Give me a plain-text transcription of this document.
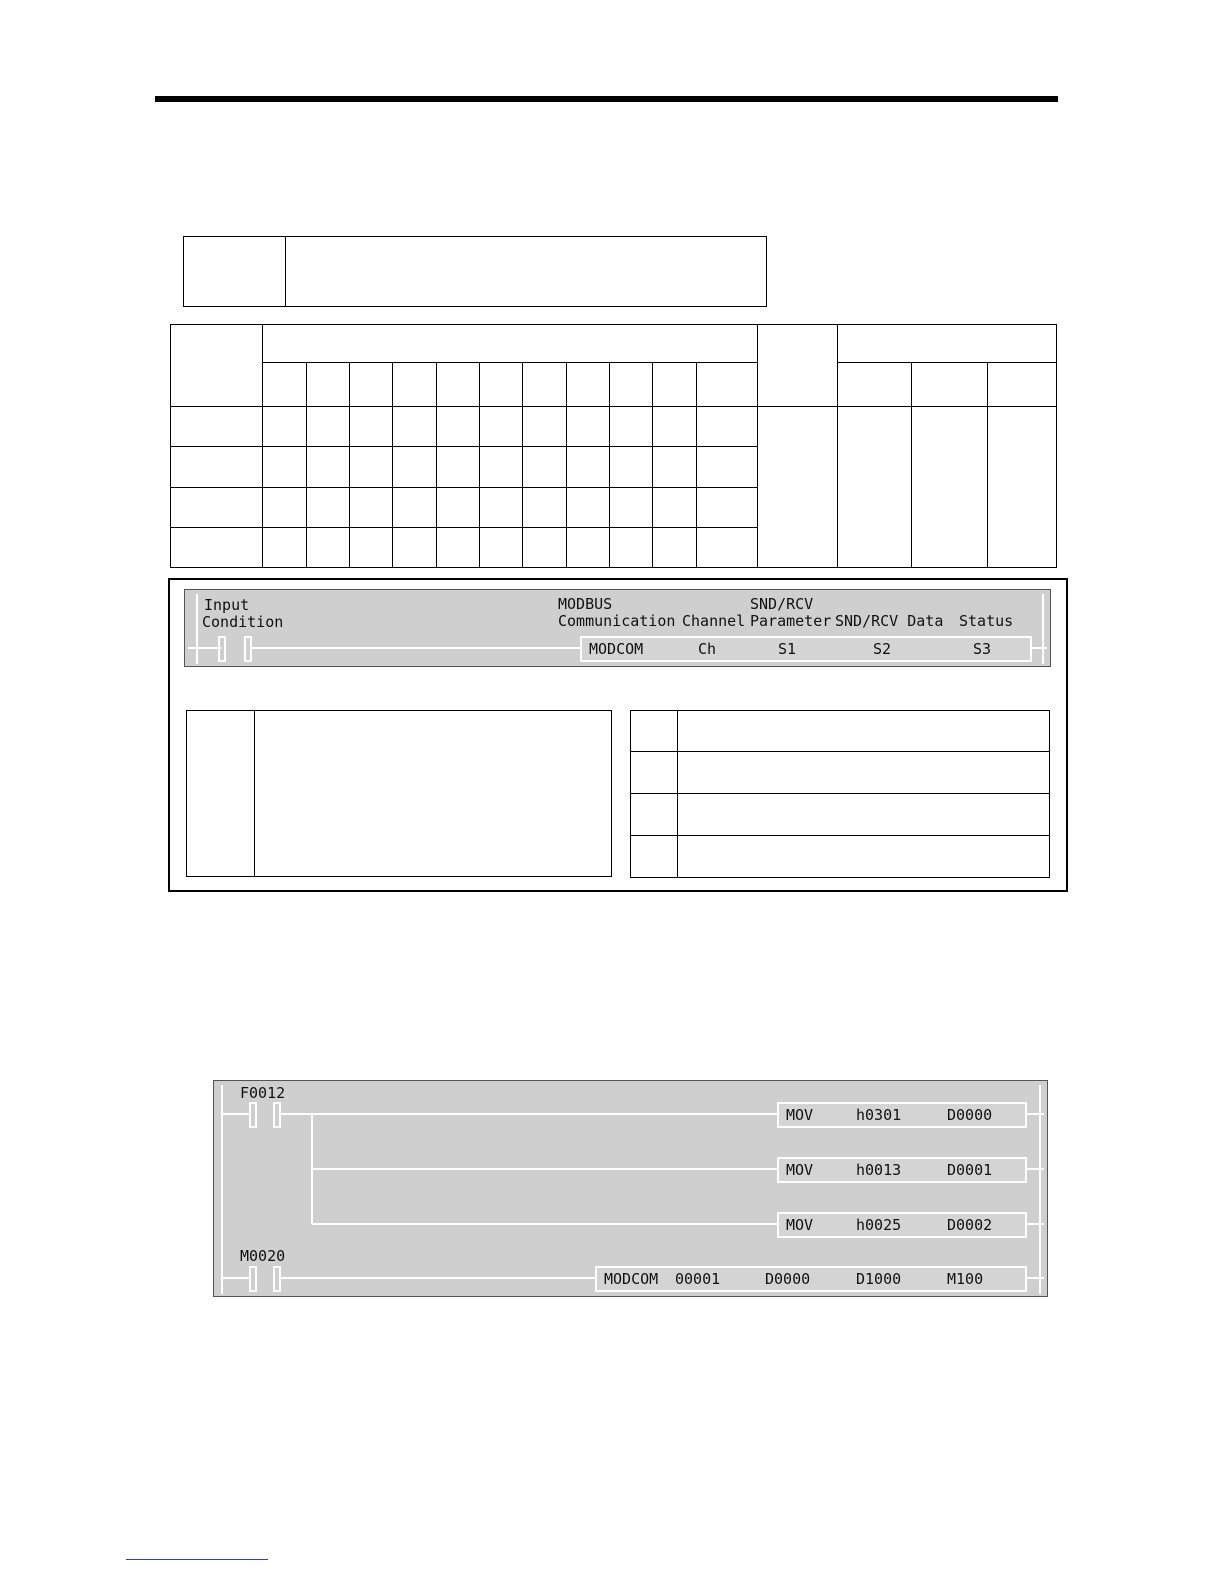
Input
Condition
MODBUS
Communication Channel
SND/RCV
Parameter SND/RCV Data Status
MODCOM	Ch	S1	S2	S3

F0012
M0020
MOV	h0301	D0000
MOV	h0013	D0001
MOV	h0025	D0002
MODCOM 00001	D0000	D1000	M100
